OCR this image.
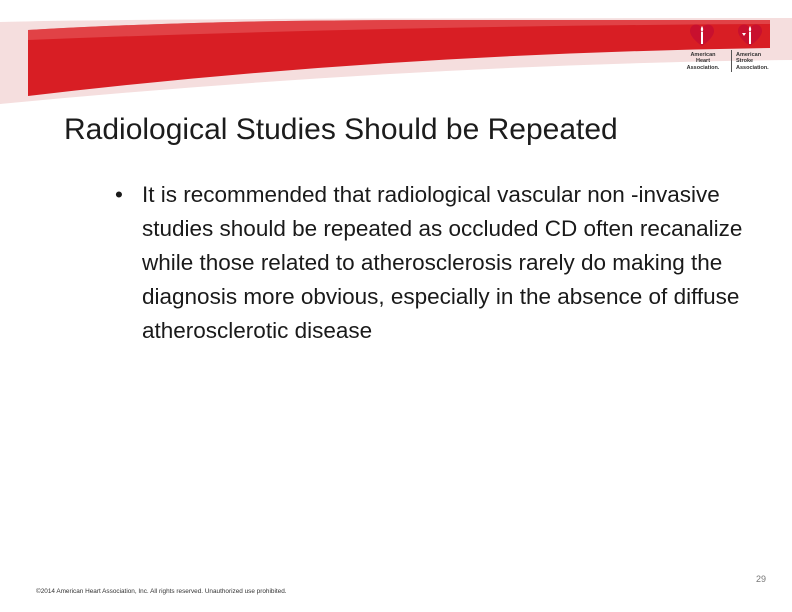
American
Heart
Association.
American
Stroke
Association.
Radiological Studies Should be Repeated
• It is recommended that radiological vascular non -invasive studies should be repeated as occluded CD often recanalize while those related to atherosclerosis rarely do making the diagnosis more obvious, especially in the absence of diffuse atherosclerotic disease
29
©2014 American Heart Association, Inc. All rights reserved. Unauthorized use prohibited.
